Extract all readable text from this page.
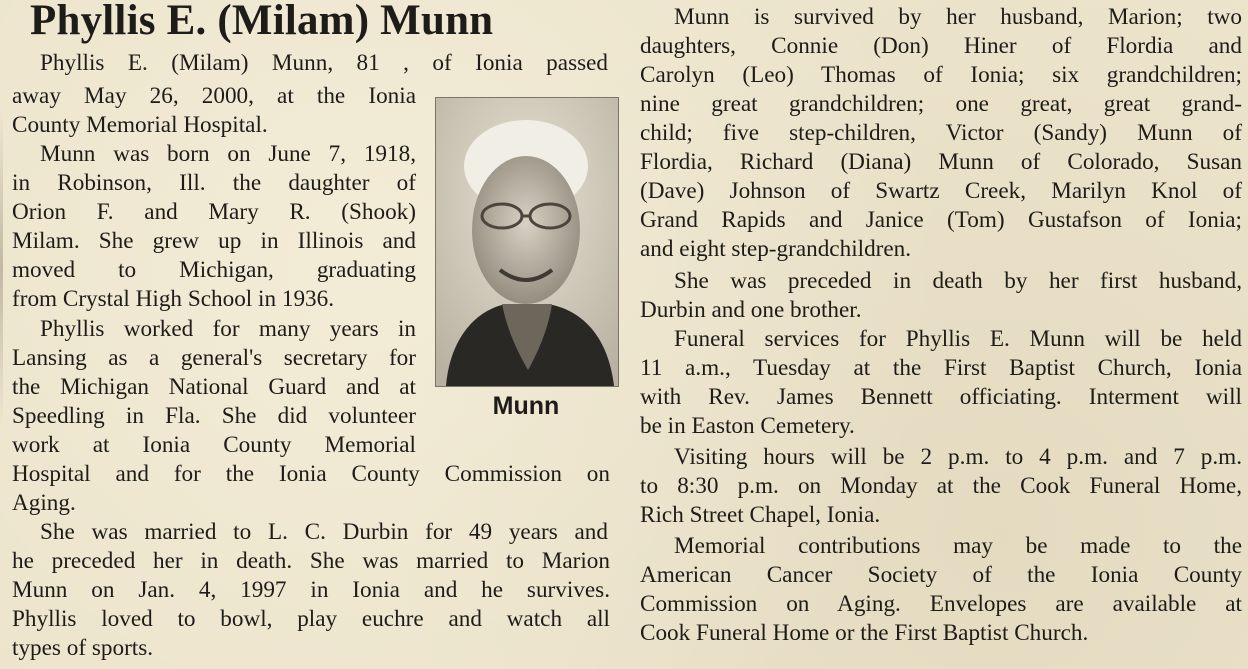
Phyllis E. (Milam) Munn
Phyllis E. (Milam) Munn, 81 , of Ionia passed
away May 26, 2000, at the Ionia
County Memorial Hospital.
Munn was born on June 7, 1918,
in Robinson, Ill. the daughter of
Orion F. and Mary R. (Shook)
Milam. She grew up in Illinois and
moved to Michigan, graduating
from Crystal High School in 1936.
Phyllis worked for many years in
Lansing as a general's secretary for
the Michigan National Guard and at
Speedling in Fla. She did volunteer
work at Ionia County Memorial
Hospital and for the Ionia County Commission on
Aging.
She was married to L. C. Durbin for 49 years and
he preceded her in death. She was married to Marion
Munn on Jan. 4, 1997 in Ionia and he survives.
Phyllis loved to bowl, play euchre and watch all
types of sports.
Munn
Munn is survived by her husband, Marion; two
daughters, Connie (Don) Hiner of Flordia and
Carolyn (Leo) Thomas of Ionia; six grandchildren;
nine great grandchildren; one great, great grand-
child; five step-children, Victor (Sandy) Munn of
Flordia, Richard (Diana) Munn of Colorado, Susan
(Dave) Johnson of Swartz Creek, Marilyn Knol of
Grand Rapids and Janice (Tom) Gustafson of Ionia;
and eight step-grandchildren.
She was preceded in death by her first husband,
Durbin and one brother.
Funeral services for Phyllis E. Munn will be held
11 a.m., Tuesday at the First Baptist Church, Ionia
with Rev. James Bennett officiating. Interment will
be in Easton Cemetery.
Visiting hours will be 2 p.m. to 4 p.m. and 7 p.m.
to 8:30 p.m. on Monday at the Cook Funeral Home,
Rich Street Chapel, Ionia.
Memorial contributions may be made to the
American Cancer Society of the Ionia County
Commission on Aging. Envelopes are available at
Cook Funeral Home or the First Baptist Church.
